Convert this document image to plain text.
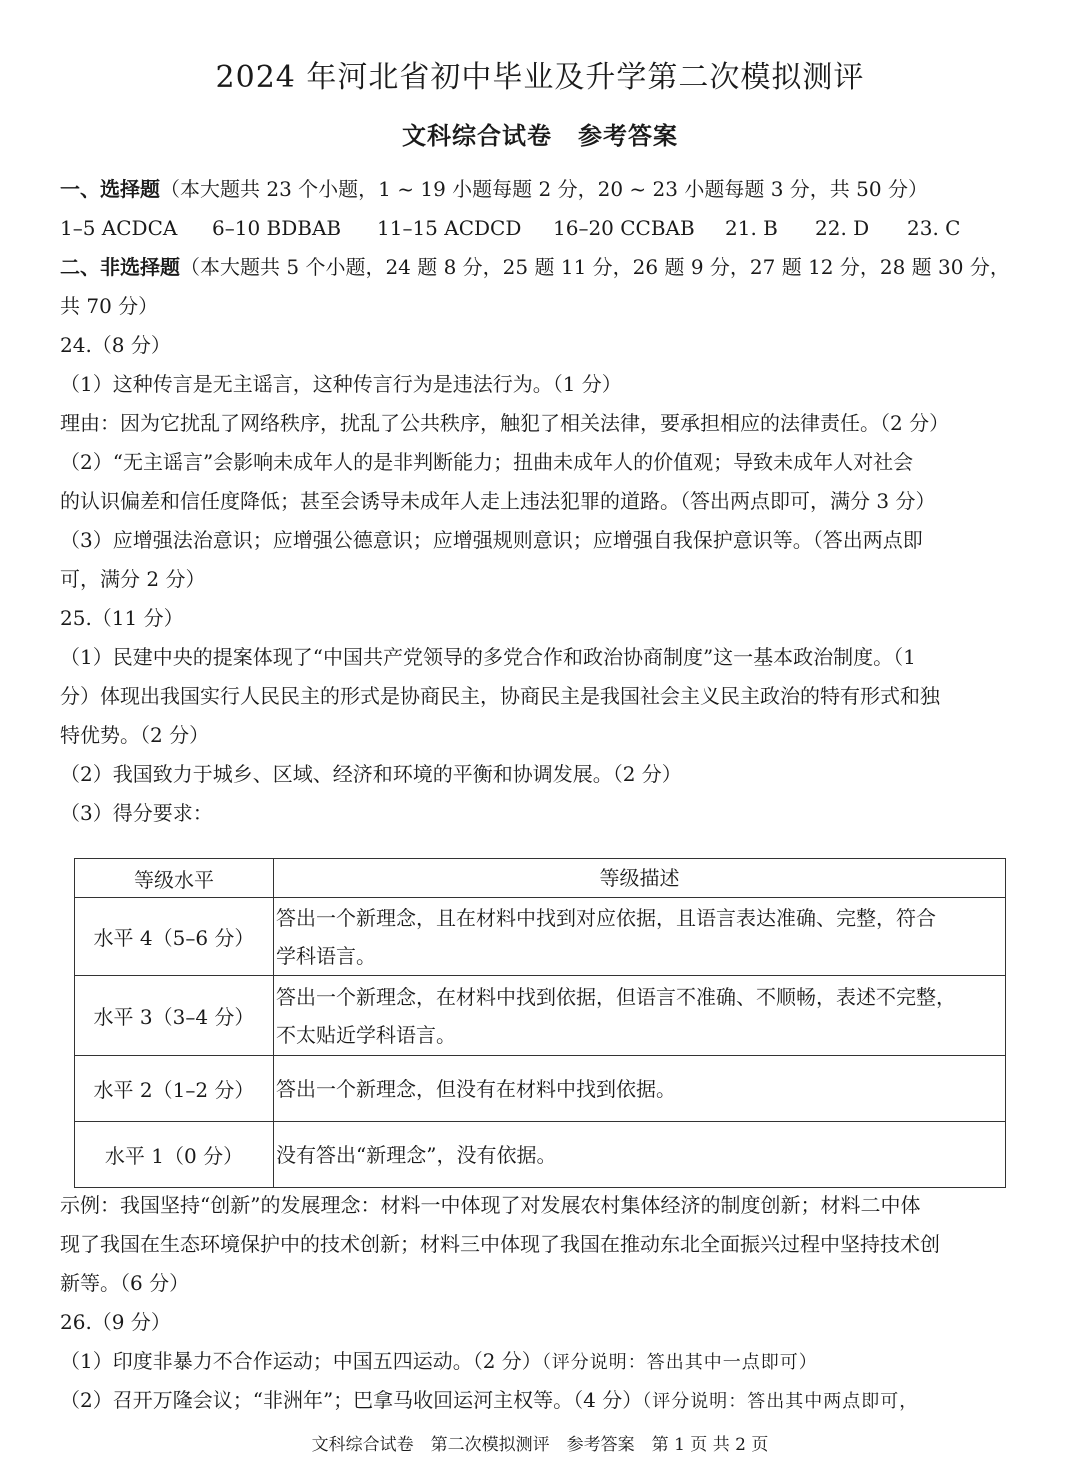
2024 年河北省初中毕业及升学第二次模拟测评
文科综合试卷 参考答案
一、选择题（本大题共 23 个小题，1 ~ 19 小题每题 2 分，20 ~ 23 小题每题 3 分，共 50 分）
1–5 ACDCA 6–10 BDBAB 11–15 ACDCD 16–20 CCBAB 21. B 22. D 23. C
二、非选择题（本大题共 5 个小题，24 题 8 分，25 题 11 分，26 题 9 分，27 题 12 分，28 题 30 分，
共 70 分）
24.（8 分）
（1）这种传言是无主谣言，这种传言行为是违法行为。（1 分）
理由：因为它扰乱了网络秩序，扰乱了公共秩序，触犯了相关法律，要承担相应的法律责任。（2 分）
（2）“无主谣言”会影响未成年人的是非判断能力；扭曲未成年人的价值观；导致未成年人对社会
的认识偏差和信任度降低；甚至会诱导未成年人走上违法犯罪的道路。（答出两点即可，满分 3 分）
（3）应增强法治意识；应增强公德意识；应增强规则意识；应增强自我保护意识等。（答出两点即
可，满分 2 分）
25.（11 分）
（1）民建中央的提案体现了“中国共产党领导的多党合作和政治协商制度”这一基本政治制度。（1
分）体现出我国实行人民民主的形式是协商民主，协商民主是我国社会主义民主政治的特有形式和独
特优势。（2 分）
（2）我国致力于城乡、区域、经济和环境的平衡和协调发展。（2 分）
（3）得分要求：
等级水平	等级描述
水平 4（5–6 分）	答出一个新理念，且在材料中找到对应依据，且语言表达准确、完整，符合
学科语言。

水平 3（3–4 分）	答出一个新理念，在材料中找到依据，但语言不准确、不顺畅，表述不完整，
不太贴近学科语言。

水平 2（1–2 分）	答出一个新理念，但没有在材料中找到依据。
水平 1（0 分）	没有答出“新理念”，没有依据。
示例：我国坚持“创新”的发展理念：材料一中体现了对发展农村集体经济的制度创新；材料二中体
现了我国在生态环境保护中的技术创新；材料三中体现了我国在推动东北全面振兴过程中坚持技术创
新等。（6 分）
26.（9 分）
（1）印度非暴力不合作运动；中国五四运动。（2 分）（评分说明：答出其中一点即可）
（2）召开万隆会议；“非洲年”；巴拿马收回运河主权等。（4 分）（评分说明：答出其中两点即可，
文科综合试卷　第二次模拟测评　参考答案　第 1 页 共 2 页
